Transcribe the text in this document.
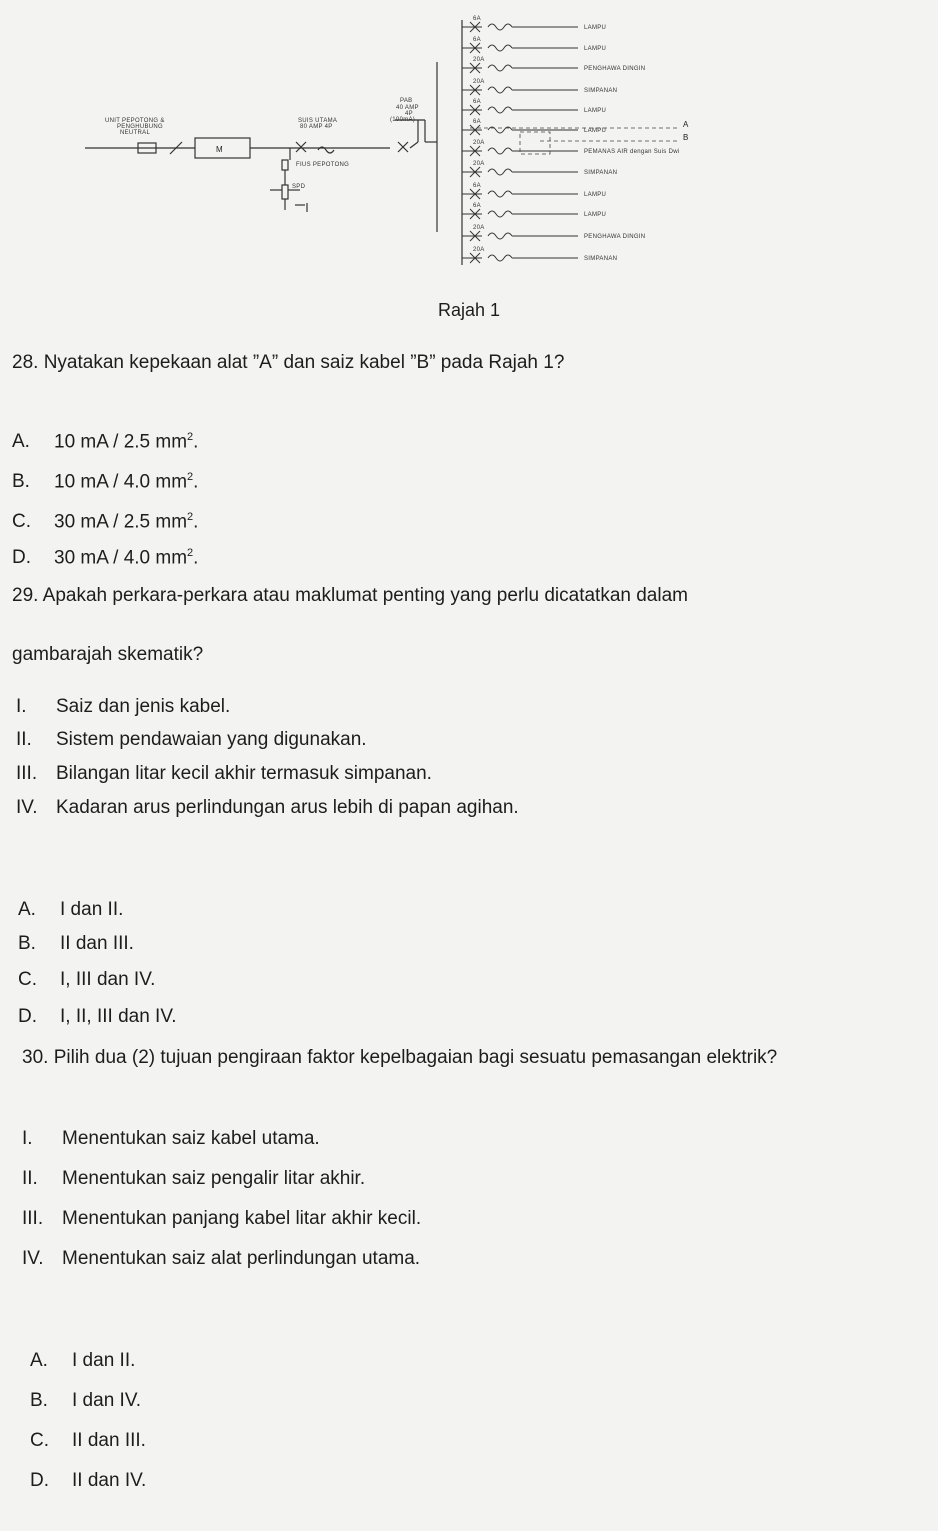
UNIT PEPOTONG &
PENGHUBUNG
NEUTRAL
SUIS UTAMA
80 AMP 4P
PAB
40 AMP
4P
(100mA)
FIUS PEPOTONG
SPD
M
6A
LAMPU
6A
LAMPU
20A
PENGHAWA DINGIN
20A
SIMPANAN
6A
LAMPU
6A
LAMPU
20A
PEMANAS AIR dengan Suis Dwi
20A
SIMPANAN
6A
LAMPU
6A
LAMPU
20A
PENGHAWA DINGIN
20A
SIMPANAN
A
B
Rajah 1
28. Nyatakan kepekaan alat ”A” dan saiz kabel ”B” pada Rajah 1?
A. 10 mA / 2.5 $mm^2$.
B. 10 mA / 4.0 $mm^2$.
C. 30 mA / 2.5 $mm^2$.
D. 30 mA / 4.0 $mm^2$.
29. Apakah perkara-perkara atau maklumat penting yang perlu dicatatkan dalam
gambarajah skematik?
I. Saiz dan jenis kabel.
II. Sistem pendawaian yang digunakan.
III. Bilangan litar kecil akhir termasuk simpanan.
IV. Kadaran arus perlindungan arus lebih di papan agihan.
A. I dan II.
B. II dan III.
C. I, III dan IV.
D. I, II, III dan IV.
30. Pilih dua (2) tujuan pengiraan faktor kepelbagaian bagi sesuatu pemasangan elektrik?
I. Menentukan saiz kabel utama.
II. Menentukan saiz pengalir litar akhir.
III. Menentukan panjang kabel litar akhir kecil.
IV. Menentukan saiz alat perlindungan utama.
A. I dan II.
B. I dan IV.
C. II dan III.
D. II dan IV.
